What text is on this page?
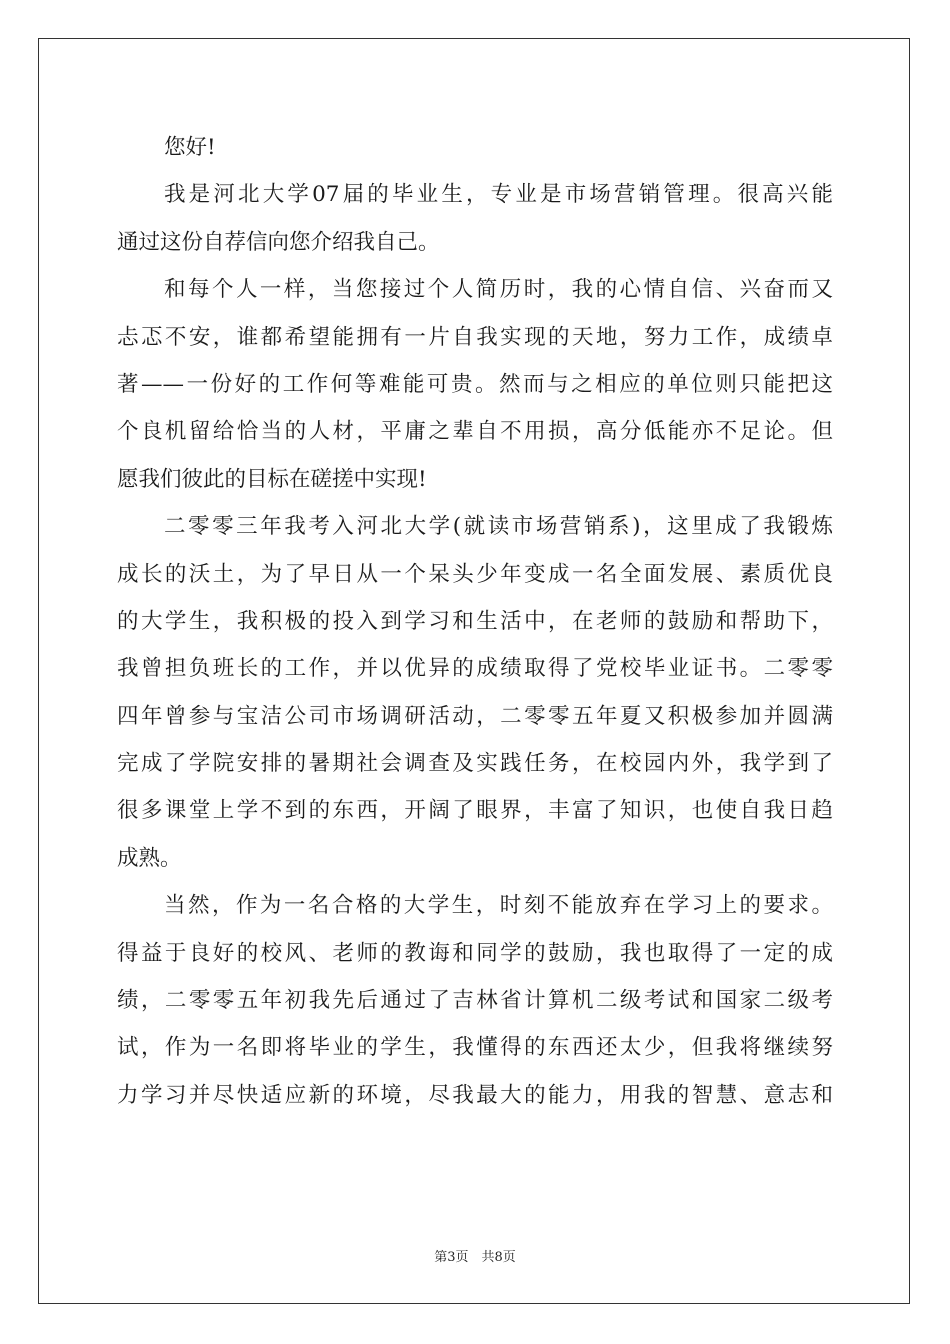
您好!
我是河北大学07届的毕业生，专业是市场营销管理。很高兴能
通过这份自荐信向您介绍我自己。
和每个人一样，当您接过个人简历时，我的心情自信、兴奋而又
忐忑不安，谁都希望能拥有一片自我实现的天地，努力工作，成绩卓
著——一份好的工作何等难能可贵。然而与之相应的单位则只能把这
个良机留给恰当的人材，平庸之辈自不用损，高分低能亦不足论。但
愿我们彼此的目标在磋搓中实现!
二零零三年我考入河北大学(就读市场营销系)，这里成了我锻炼
成长的沃土，为了早日从一个呆头少年变成一名全面发展、素质优良
的大学生，我积极的投入到学习和生活中，在老师的鼓励和帮助下，
我曾担负班长的工作，并以优异的成绩取得了党校毕业证书。二零零
四年曾参与宝洁公司市场调研活动，二零零五年夏又积极参加并圆满
完成了学院安排的暑期社会调查及实践任务，在校园内外，我学到了
很多课堂上学不到的东西，开阔了眼界，丰富了知识，也使自我日趋
成熟。
当然，作为一名合格的大学生，时刻不能放弃在学习上的要求。
得益于良好的校风、老师的教诲和同学的鼓励，我也取得了一定的成
绩，二零零五年初我先后通过了吉林省计算机二级考试和国家二级考
试，作为一名即将毕业的学生，我懂得的东西还太少，但我将继续努
力学习并尽快适应新的环境，尽我最大的能力，用我的智慧、意志和
第3页　共8页
